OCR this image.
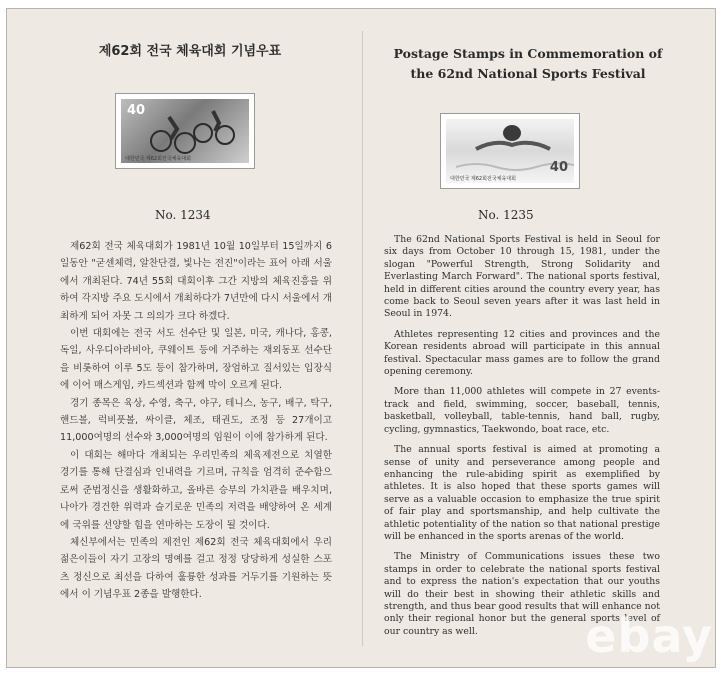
제62회 전국 체육대회 기념우표	Postage Stamps in Commemoration of
the 62nd National Sports Festival
40
대한민국 제62회전국체육대회
40
대한민국 제62회전국체육대회
No. 1234	No. 1235

제62회 전국 체육대회가 1981년 10월 10일부터 15일까지 6일동안 "굳센체력, 알찬단결, 빛나는 전진"이라는 표어 아래 서울에서 개최된다. 74년 55회 대회이후 그간 지방의 체육진흥을 위하여 각지방 주요 도시에서 개최하다가 7년만에 다시 서울에서 개최하게 되어 자못 그 의의가 크다 하겠다.

이번 대회에는 전국 서도 선수단 및 일본, 미국, 캐나다, 홍콩, 독일, 사우디아라비아, 쿠웨이트 등에 거주하는 재외동포 선수단을 비롯하여 이루 5도 등이 참가하며, 장엄하고 질서있는 입장식에 이어 매스게임, 카드섹션과 함께 막이 오르게 된다.

경기 종목은 육상, 수영, 축구, 야구, 테니스, 농구, 배구, 탁구, 핸드볼, 럭비풋볼, 싸이클, 체조, 태권도, 조정 등 27개이고 11,000여명의 선수와 3,000여명의 임원이 이에 참가하게 된다.

이 대회는 해마다 개최되는 우리민족의 체육제전으로 치열한 경기를 통해 단결심과 인내력을 기르며, 규칙을 엄격히 준수함으로써 준법정신을 생활화하고, 올바른 승부의 가치관을 배우치며, 나아가 경건한 위력과 슬기로운 민족의 저력을 배양하여 온 세계에 국위를 선양할 힘을 연마하는 도장이 될 것이다.

체신부에서는 민족의 제전인 제62회 전국 체육대회에서 우리 젊은이들이 자기 고장의 명예를 걸고 정정 당당하게 성실한 스포츠 정신으로 최선을 다하여 훌륭한 성과를 거두기를 기원하는 뜻에서 이 기념우표 2종을 발행한다.

The 62nd National Sports Festival is held in Seoul for six days from October 10 through 15, 1981, under the slogan "Powerful Strength, Strong Solidarity and Everlasting March Forward". The national sports festival, held in different cities around the country every year, has come back to Seoul seven years after it was last held in Seoul in 1974.

Athletes representing 12 cities and provinces and the Korean residents abroad will participate in this annual festival. Spectacular mass games are to follow the grand opening ceremony.

More than 11,000 athletes will compete in 27 events-track and field, swimming, soccer, baseball, tennis, basketball, volleyball, table-tennis, hand ball, rugby, cycling, gymnastics, Taekwondo, boat race, etc.

The annual sports festival is aimed at promoting a sense of unity and perseverance among people and enhancing the rule-abiding spirit as exemplified by athletes. It is also hoped that these sports games will serve as a valuable occasion to emphasize the true spirit of fair play and sportsmanship, and help cultivate the athletic potentiality of the nation so that national prestige will be enhanced in the sports arenas of the world.

The Ministry of Communications issues these two stamps in order to celebrate the national sports festival and to express the nation's expectation that our youths will do their best in showing their athletic skills and strength, and thus bear good results that will enhance not only their regional honor but the general sports level of our country as well.	ebay
